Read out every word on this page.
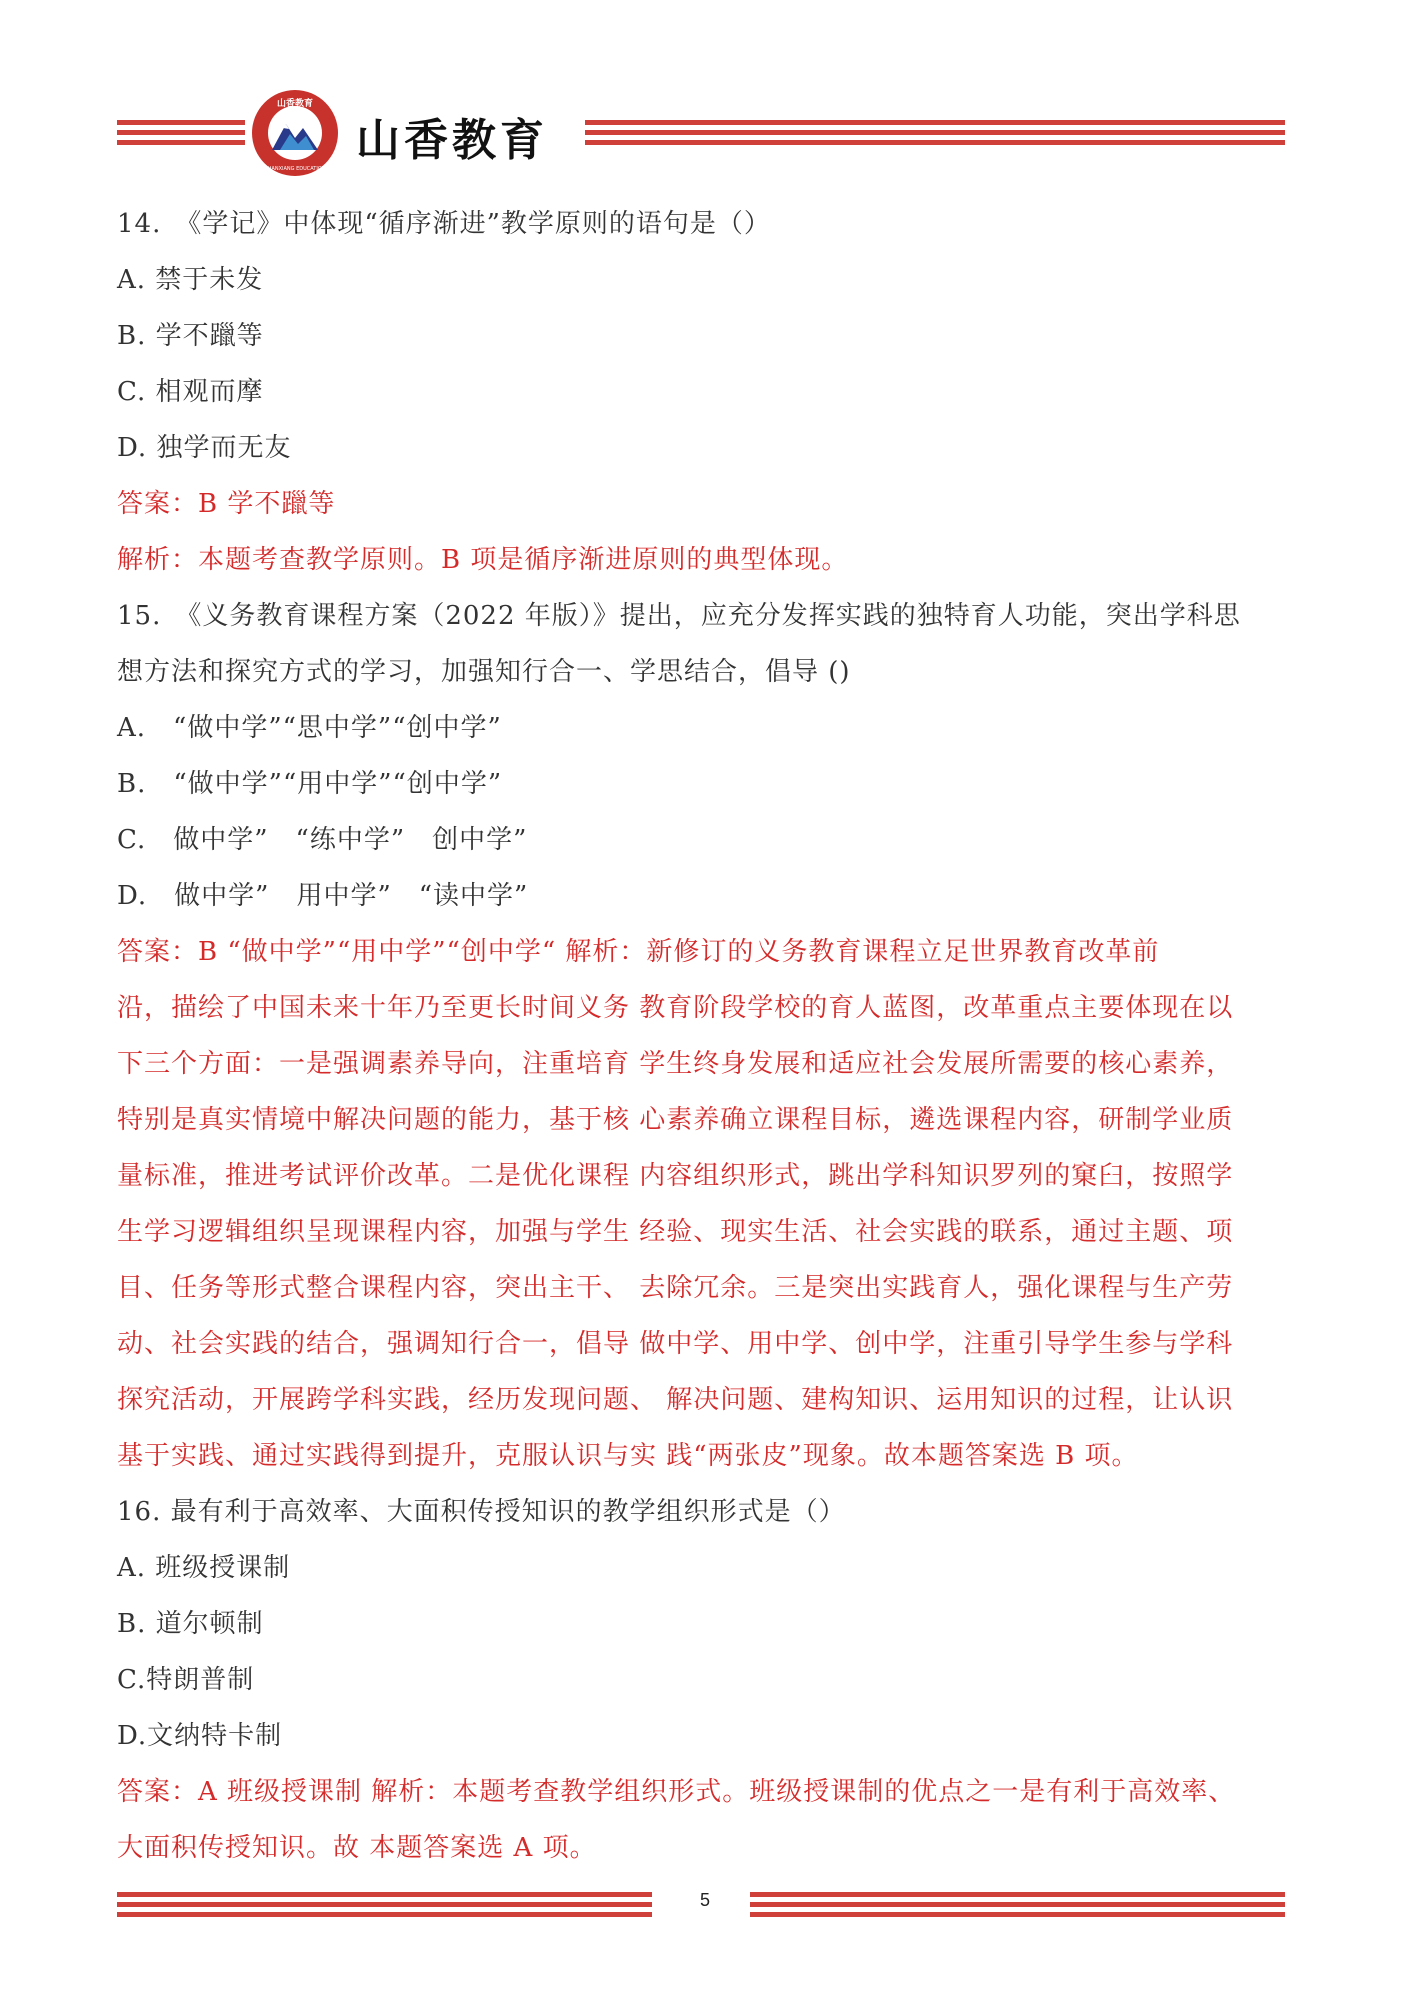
山香教育
SHANXIANG EDUCATION
山香教育
14.　《学记》中体现“循序渐进”教学原则的语句是（）
A. 禁于未发
B. 学不躐等
C. 相观而摩
D. 独学而无友
答案：B 学不躐等
解析：本题考查教学原则。B 项是循序渐进原则的典型体现。
15.　《义务教育课程方案（2022 年版）》提出，应充分发挥实践的独特育人功能，突出学科思
想方法和探究方式的学习，加强知行合一、学思结合，倡导 ()
A.　“做中学”“思中学”“创中学”
B.　“做中学”“用中学”“创中学”
C.　做中学”　“练中学”　创中学”
D.　做中学”　用中学”　“读中学”
答案：B “做中学”“用中学”“创中学“ 解析：新修订的义务教育课程立足世界教育改革前
沿，描绘了中国未来十年乃至更长时间义务 教育阶段学校的育人蓝图，改革重点主要体现在以
下三个方面：一是强调素养导向，注重培育 学生终身发展和适应社会发展所需要的核心素养，
特别是真实情境中解决问题的能力，基于核 心素养确立课程目标，遴选课程内容，研制学业质
量标准，推进考试评价改革。二是优化课程 内容组织形式，跳出学科知识罗列的窠臼，按照学
生学习逻辑组织呈现课程内容，加强与学生 经验、现实生活、社会实践的联系，通过主题、项
目、任务等形式整合课程内容，突出主干、 去除冗余。三是突出实践育人，强化课程与生产劳
动、社会实践的结合，强调知行合一，倡导 做中学、用中学、创中学，注重引导学生参与学科
探究活动，开展跨学科实践，经历发现问题、 解决问题、建构知识、运用知识的过程，让认识
基于实践、通过实践得到提升，克服认识与实 践“两张皮”现象。故本题答案选 B 项。
16. 最有利于高效率、大面积传授知识的教学组织形式是（）
A. 班级授课制
B. 道尔顿制
C.特朗普制
D.文纳特卡制
答案：A 班级授课制 解析：本题考查教学组织形式。班级授课制的优点之一是有利于高效率、
大面积传授知识。故 本题答案选 A 项。
5
